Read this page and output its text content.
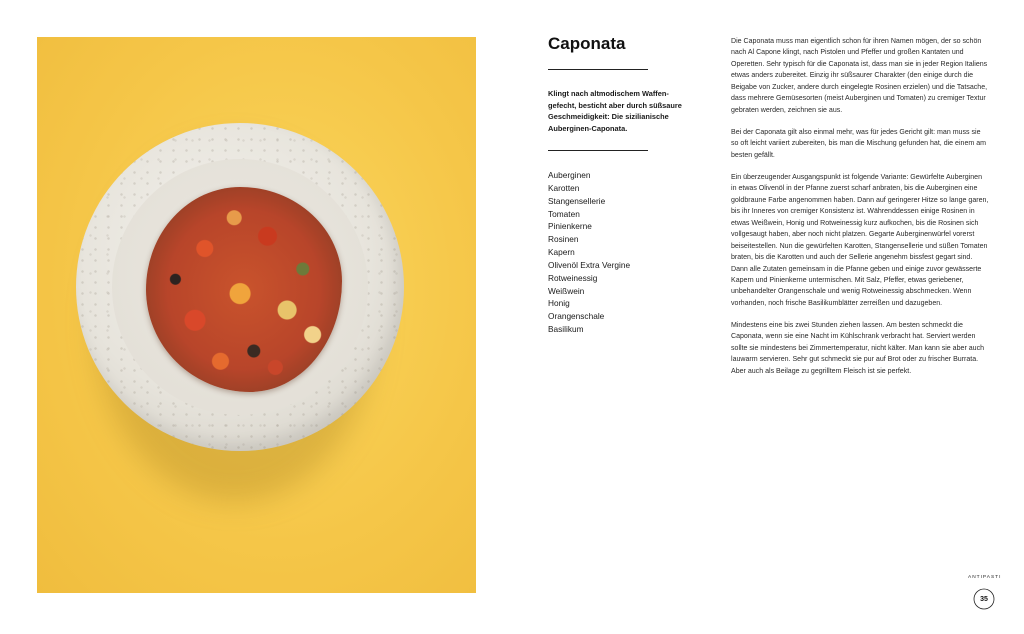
Caponata

Klingt nach altmodischem Waffengefecht, besticht aber durch süßsaure Geschmeidigkeit: Die sizilianische Auberginen-Caponata.

Auberginen
Karotten
Stangensellerie
Tomaten
Pinienkerne
Rosinen
Kapern
Olivenöl Extra Vergine
Rotweinessig
Weißwein
Honig
Orangenschale
Basilikum

Die Caponata muss man eigentlich schon für ihren Namen mögen, der so schön nach Al Capone klingt, nach Pistolen und Pfeffer und großen Kantaten und Operetten. Sehr typisch für die Caponata ist, dass man sie in jeder Region Italiens etwas anders zubereitet. Einzig ihr süßsaurer Charakter (den einige durch die Beigabe von Zucker, andere durch eingelegte Rosinen erzielen) und die Tatsache, dass mehrere Gemüsesorten (meist Auberginen und Tomaten) zu cremiger Textur gebraten werden, zeichnen sie aus.

Bei der Caponata gilt also einmal mehr, was für jedes Gericht gilt: man muss sie so oft leicht variiert zubereiten, bis man die Mischung gefunden hat, die einem am besten gefällt.

Ein überzeugender Ausgangspunkt ist folgende Variante: Gewürfelte Auberginen in etwas Olivenöl in der Pfanne zuerst scharf anbraten, bis die Auberginen eine goldbraune Farbe angenommen haben. Dann auf geringerer Hitze so lange garen, bis ihr Inneres von cremiger Konsistenz ist. Währenddessen einige Rosinen in etwas Weißwein, Honig und Rotweinessig kurz aufkochen, bis die Rosinen sich vollgesaugt haben, aber noch nicht platzen. Gegarte Auberginenwürfel vorerst beiseitestellen. Nun die gewürfelten Karotten, Stangensellerie und süßen Tomaten braten, bis die Karotten und auch der Sellerie angenehm bissfest gegart sind. Dann alle Zutaten gemeinsam in die Pfanne geben und einige zuvor gewässerte Kapern und Pinienkerne untermischen. Mit Salz, Pfeffer, etwas geriebener, unbehandelter Orangenschale und wenig Rotweinessig abschmecken. Wenn vorhanden, noch frische Basilikumblätter zerreißen und dazugeben.

Mindestens eine bis zwei Stunden ziehen lassen. Am besten schmeckt die Caponata, wenn sie eine Nacht im Kühlschrank verbracht hat. Serviert werden sollte sie mindestens bei Zimmertemperatur, nicht kälter. Man kann sie aber auch lauwarm servieren. Sehr gut schmeckt sie pur auf Brot oder zu frischer Burrata. Aber auch als Beilage zu gegrilltem Fleisch ist sie perfekt.

ANTIPASTI
35
